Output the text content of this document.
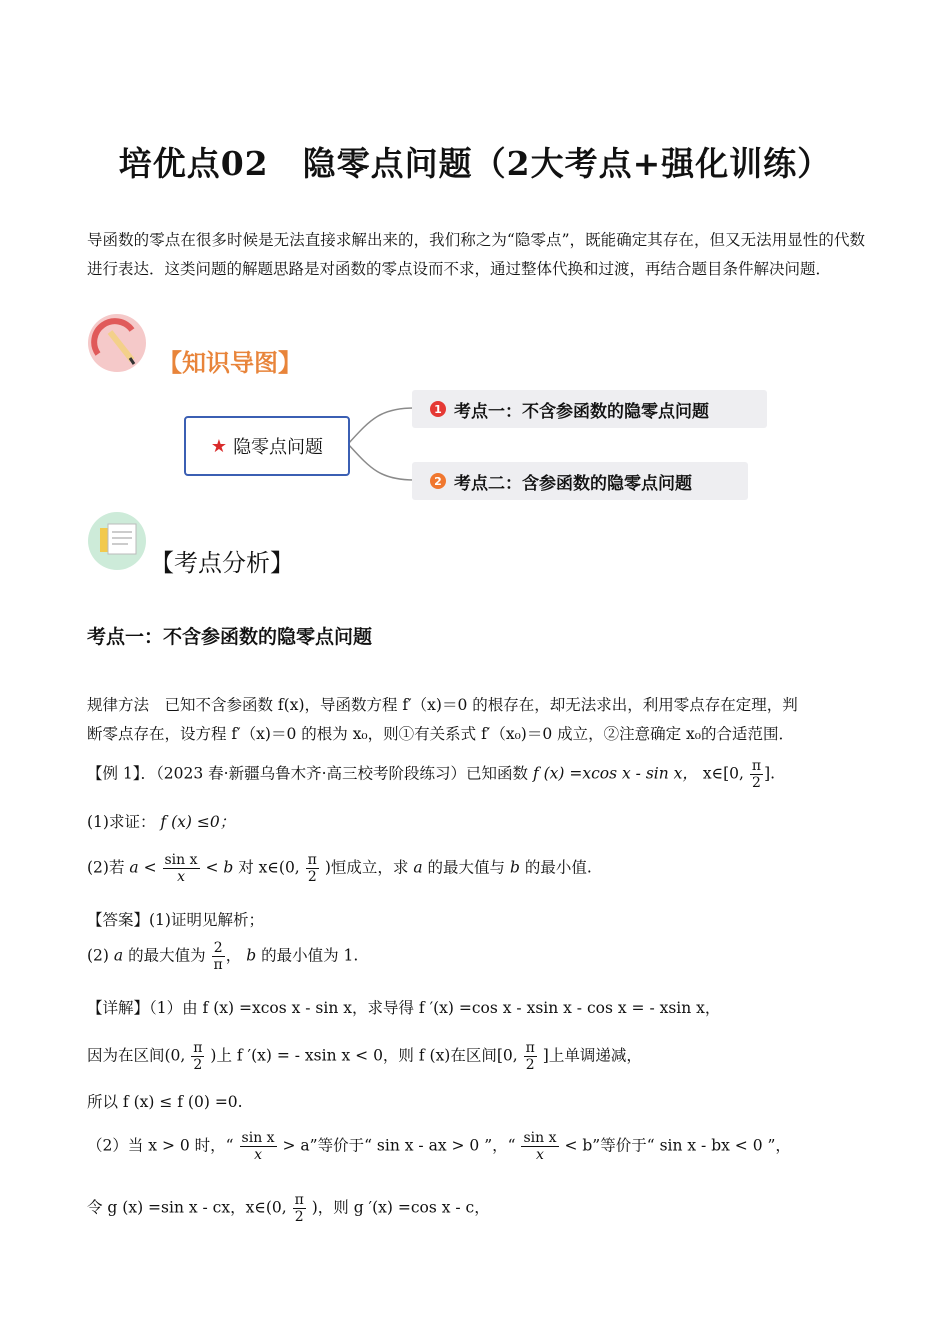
培优点02　隐零点问题（2大考点+强化训练）
导函数的零点在很多时候是无法直接求解出来的，我们称之为“隐零点”，既能确定其存在，但又无法用显性的代数进行表达．这类问题的解题思路是对函数的零点设而不求，通过整体代换和过渡，再结合题目条件解决问题．
【知识导图】
★ 隐零点问题
1 考点一：不含参函数的隐零点问题
2 考点二：含参函数的隐零点问题
【考点分析】
考点一：不含参函数的隐零点问题
规律方法　已知不含参函数 f(x)，导函数方程 f′（x)＝0 的根存在，却无法求出，利用零点存在定理，判
断零点存在，设方程 f′（x)＝0 的根为 x₀，则①有关系式 f′（x₀)＝0 成立，②注意确定 x₀的合适范围．
【例 1】．（2023 春·新疆乌鲁木齐·高三校考阶段练习）已知函数 f (x) =xcos x - sin x， x∈[0, $\frac{\pi}{2}$ ].
(1)求证： f (x) ≤0；
(2)若 $a < \frac{\text{sin x}}{x} < b$ 对 x∈(0, $\frac{\pi}{2}$ )恒成立，求 a 的最大值与 b 的最小值.
【答案】(1)证明见解析；
(2) a 的最大值为 $\frac{2}{\pi}$ ， b 的最小值为 1.
【详解】（1）由 f (x) =xcos x - sin x，求导得 f ′(x) =cos x - xsin x - cos x = - xsin x，
因为在区间(0, $\frac{\pi}{2}$ )上 f ′(x) = - xsin x < 0，则 f (x)在区间[0, $\frac{\pi}{2}$ ]上单调递减，
所以 f (x) ≤ f (0) =0.
（2）当 x > 0 时，“ $\frac{\text{sin x}}{x} > a$”等价于“ sin x - ax > 0 ”，“ $\frac{\text{sin x}}{x} < b$”等价于“ sin x - bx < 0 ”，
令 g (x) =sin x - cx，x∈(0, $\frac{\pi}{2}$ )，则 g ′(x) =cos x - c，
